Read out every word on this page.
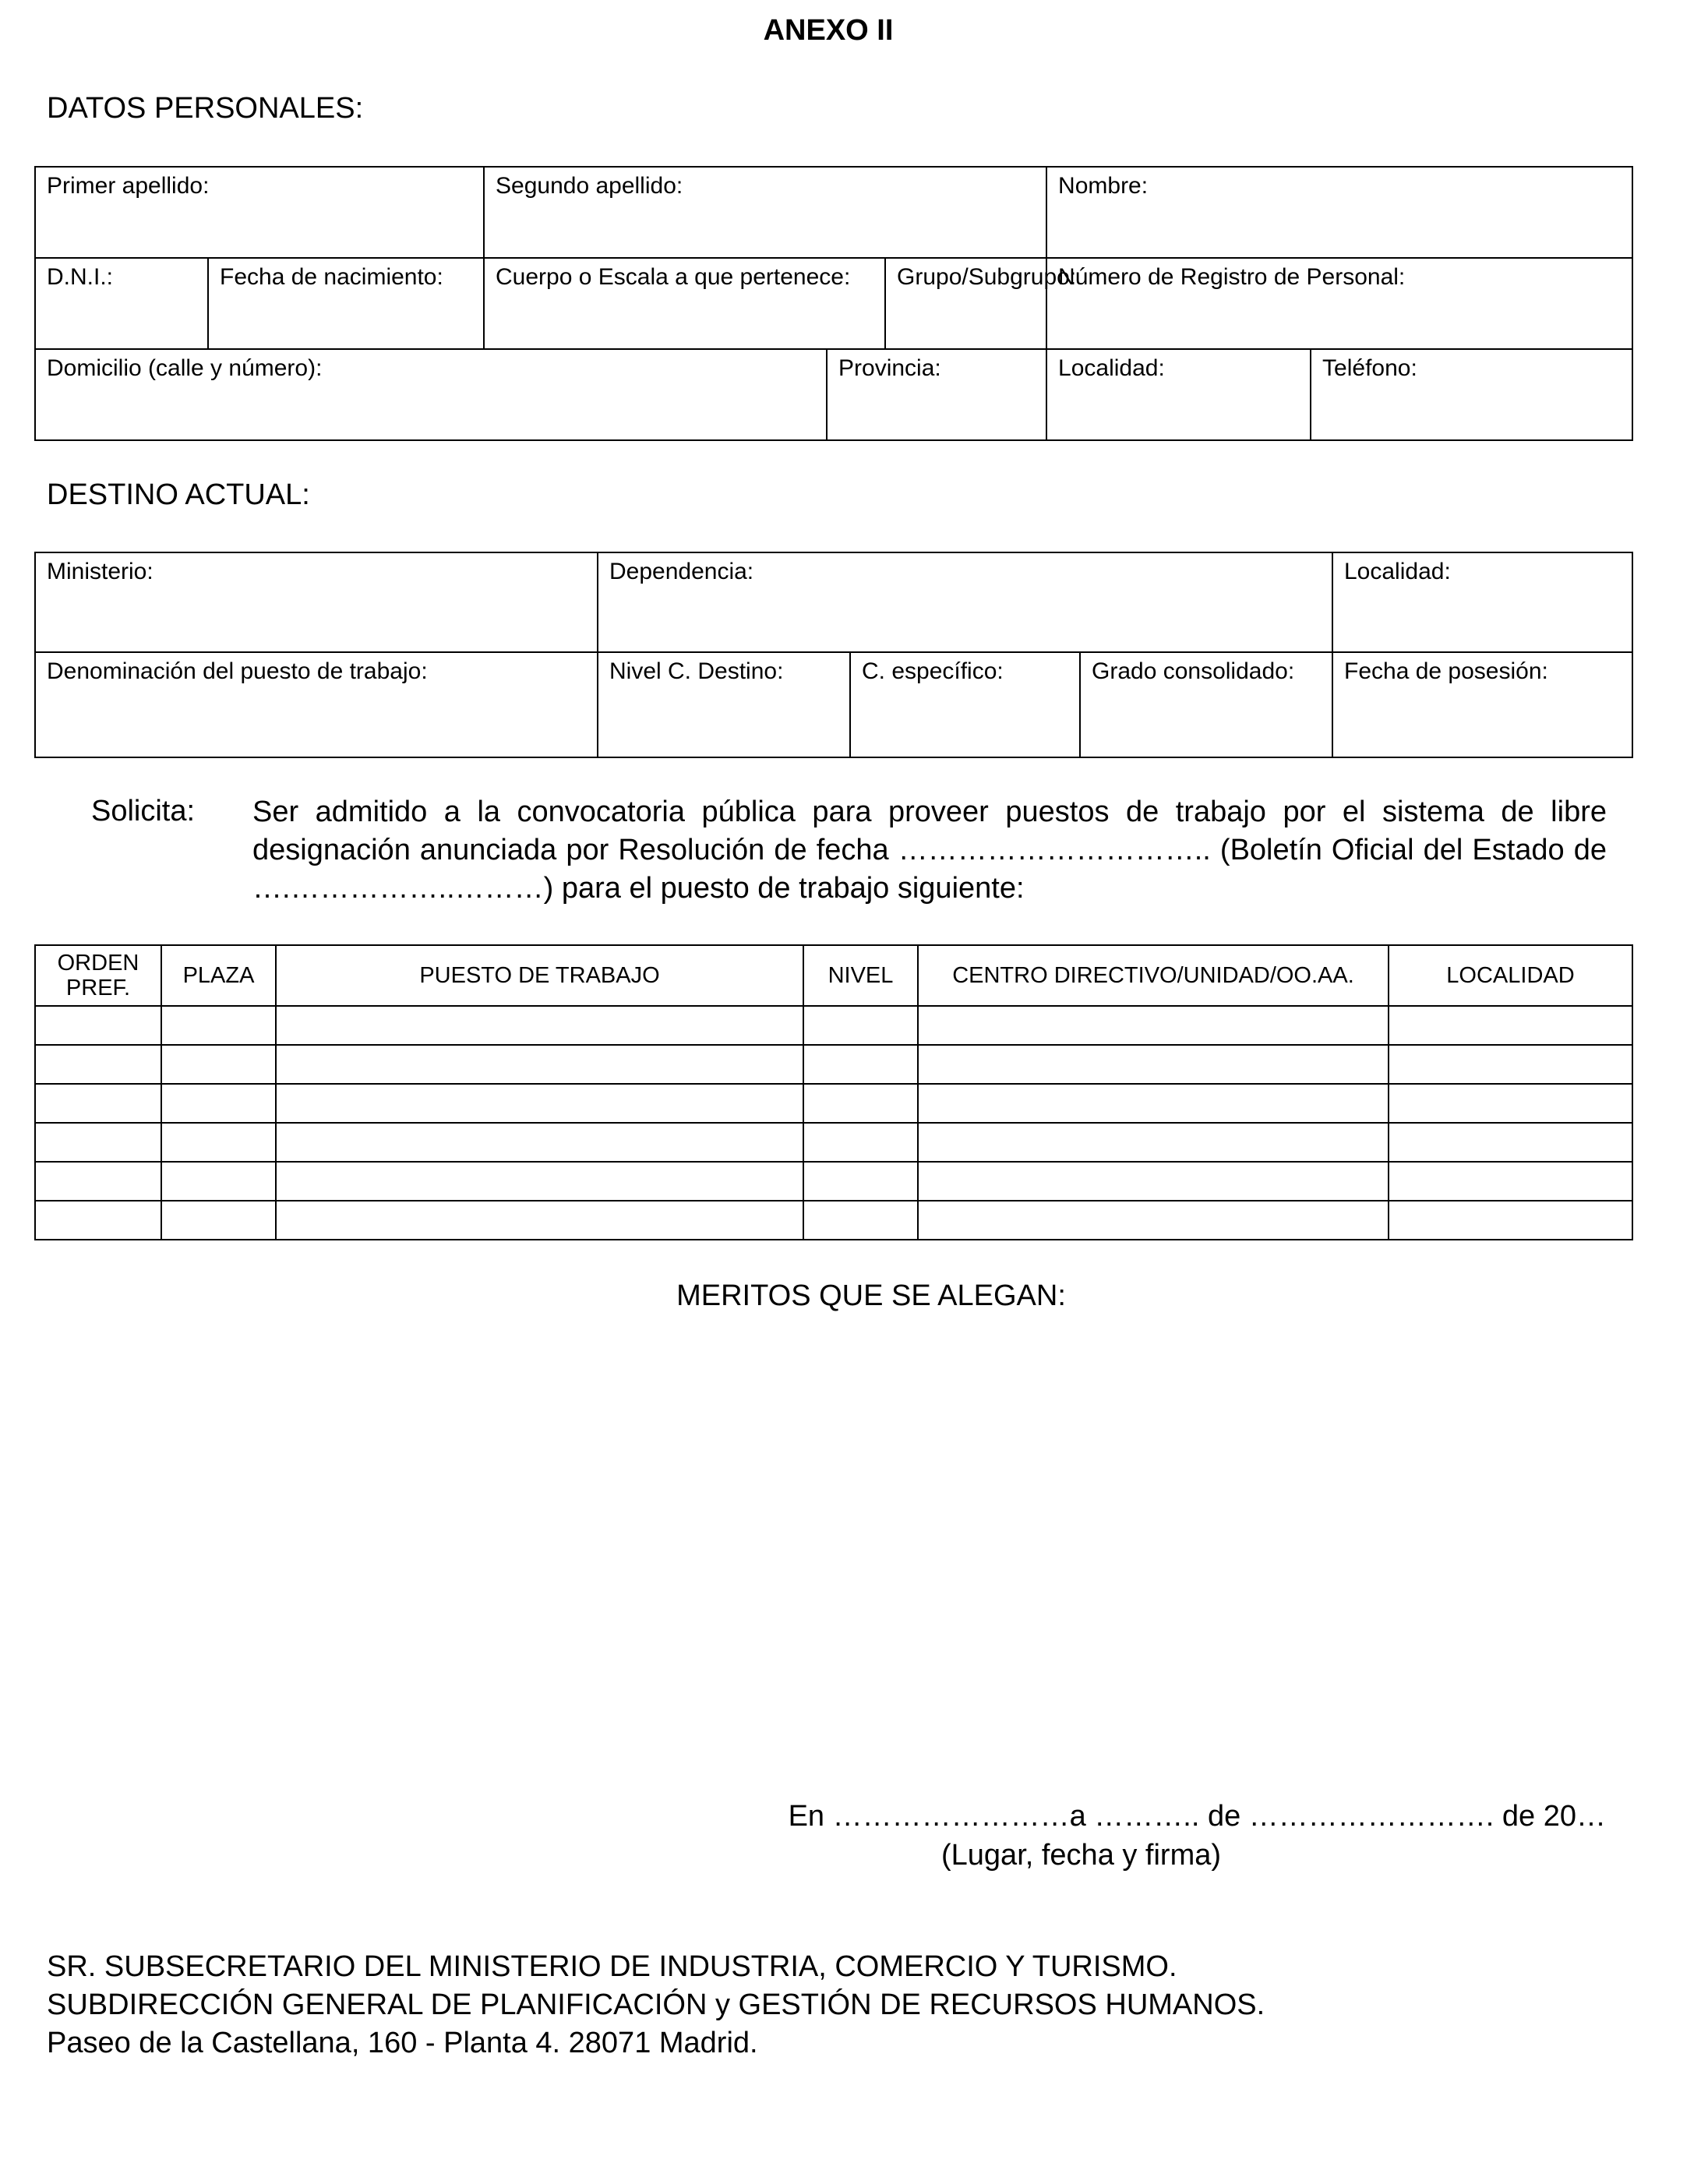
ANEXO II
DATOS PERSONALES:
Primer apellido:		Segundo apellido:			Nombre:	
D.N.I.:	Fecha de nacimiento:	Cuerpo o Escala a que pertenece:		Grupo/Subgrupo:	Número de Registro de Personal:	
Domicilio (calle y número):			Provincia:		Localidad:	Teléfono:
DESTINO ACTUAL:
Ministerio:	Dependencia:			Localidad:
Denominación del puesto de trabajo:	Nivel C. Destino:	C. específico:	Grado consolidado:	Fecha de posesión:
Solicita: Ser admitido a la convocatoria pública para proveer puestos de trabajo por el sistema de libre designación anunciada por Resolución de fecha ………………………….. (Boletín Oficial del Estado de ….……………..………) para el puesto de trabajo siguiente:
ORDEN PREF.	PLAZA	PUESTO DE TRABAJO	NIVEL	CENTRO DIRECTIVO/UNIDAD/OO.AA.	LOCALIDAD

MERITOS QUE SE ALEGAN:
En ……………………a ……….. de ……………………. de 20…
(Lugar, fecha y firma)
SR. SUBSECRETARIO DEL MINISTERIO DE INDUSTRIA, COMERCIO Y TURISMO.
SUBDIRECCIÓN GENERAL DE PLANIFICACIÓN y GESTIÓN DE RECURSOS HUMANOS.
Paseo de la Castellana, 160 - Planta 4. 28071 Madrid.
